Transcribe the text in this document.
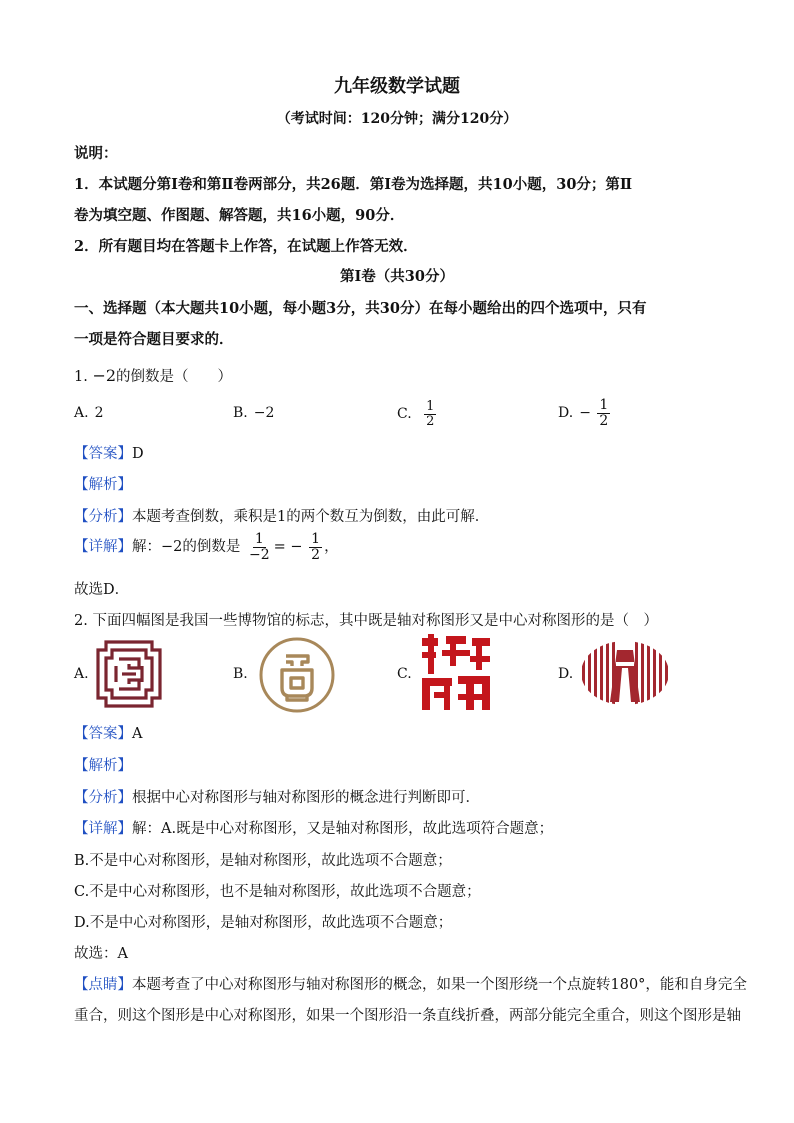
九年级数学试题
（考试时间：120分钟；满分120分）
说明：
1．本试题分第Ⅰ卷和第Ⅱ卷两部分，共26题．第Ⅰ卷为选择题，共10小题，30分；第Ⅱ
卷为填空题、作图题、解答题，共16小题，90分．
2．所有题目均在答题卡上作答，在试题上作答无效．
第Ⅰ卷（共30分）
一、选择题（本大题共10小题，每小题3分，共30分）在每小题给出的四个选项中，只有
一项是符合题目要求的．
1. −2的倒数是（　　）
A. 2	B. −2	C. $\frac{1}{2}$	D. − $\frac{1}{2}$
【答案】D
【解析】
【分析】本题考查倒数，乘积是1的两个数互为倒数，由此可解．
【详解】解：−2的倒数是 $\frac{1}{-2}$ = − $\frac{1}{2}$ ，
故选D．
2. 下面四幅图是我国一些博物馆的标志，其中既是轴对称图形又是中心对称图形的是（　）
A.	B.	C.	D.
【答案】A
【解析】
【分析】根据中心对称图形与轴对称图形的概念进行判断即可．
【详解】解：A.既是中心对称图形，又是轴对称图形，故此选项符合题意；
B.不是中心对称图形，是轴对称图形，故此选项不合题意；
C.不是中心对称图形，也不是轴对称图形，故此选项不合题意；
D.不是中心对称图形，是轴对称图形，故此选项不合题意；
故选：A
【点睛】本题考查了中心对称图形与轴对称图形的概念，如果一个图形绕一个点旋转180°，能和自身完全
重合，则这个图形是中心对称图形，如果一个图形沿一条直线折叠，两部分能完全重合，则这个图形是轴
